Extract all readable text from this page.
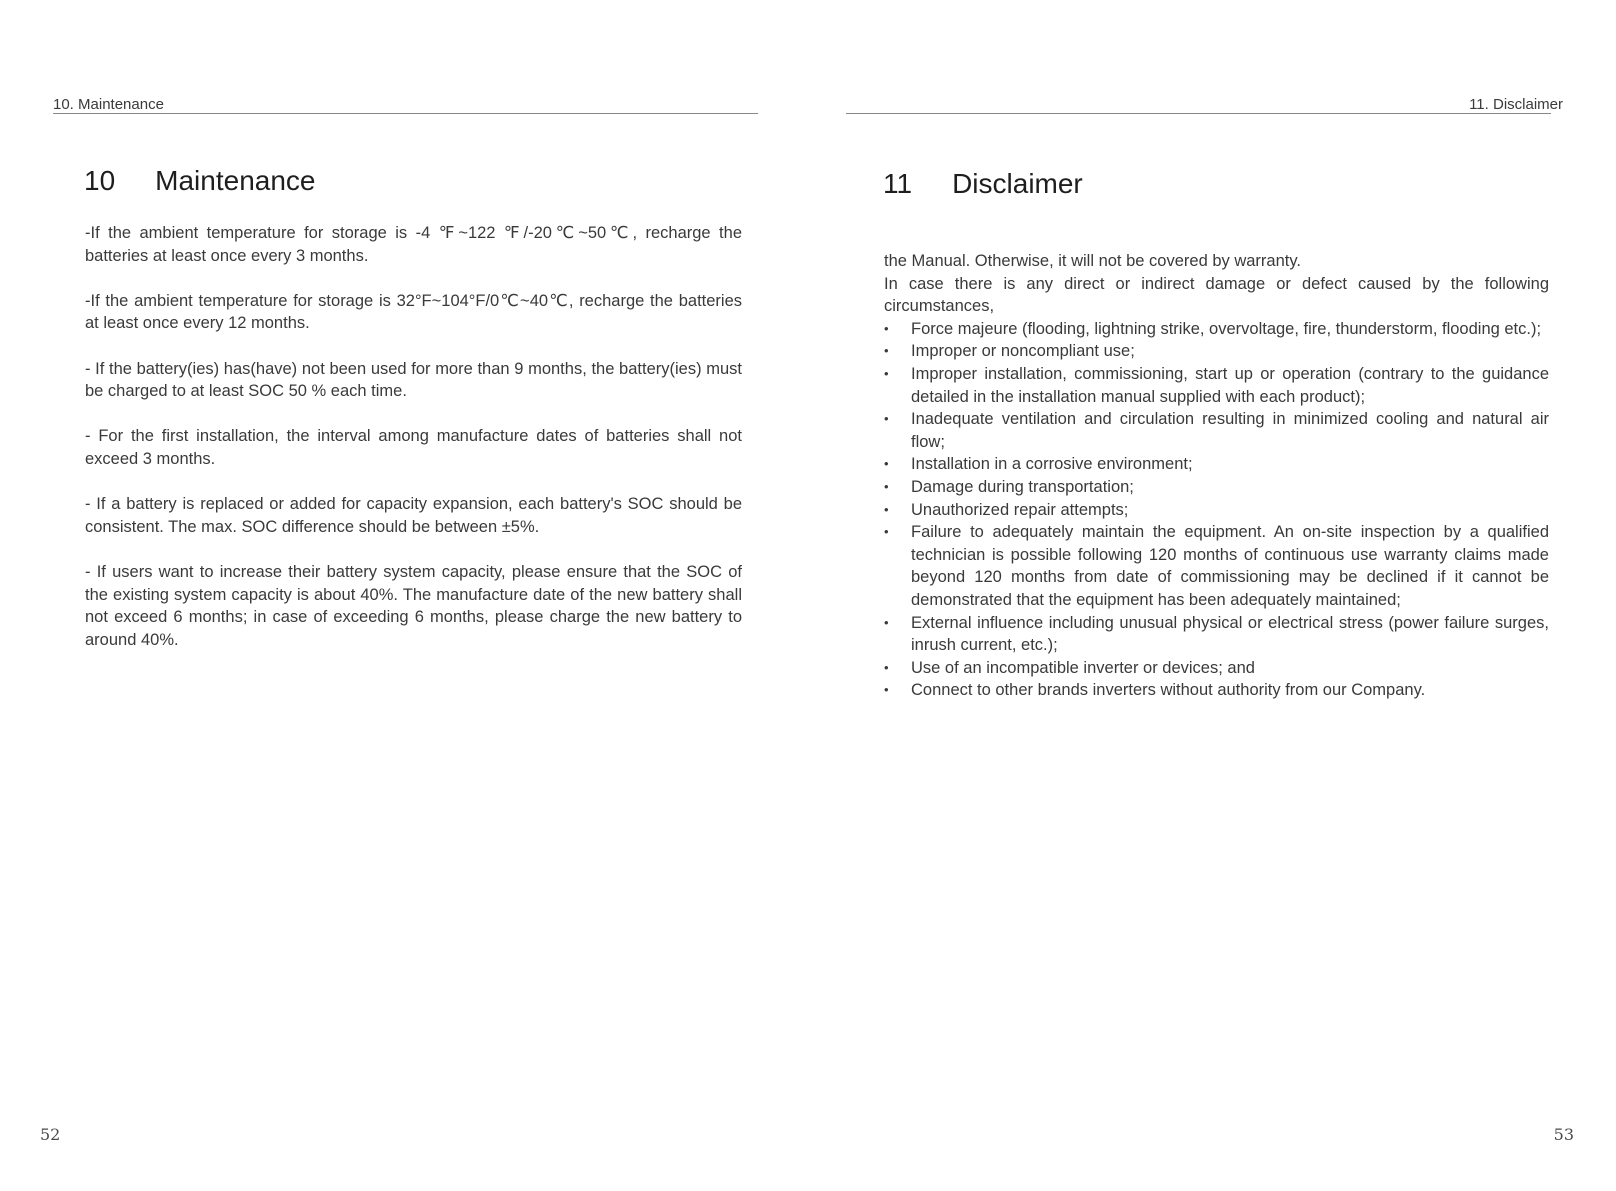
10. Maintenance
10 Maintenance

-If the ambient temperature for storage is -4 ℉~122 ℉/-20℃~50℃, recharge the batteries at least once every 3 months.

-If the ambient temperature for storage is 32°F~104°F/0℃~40℃, recharge the batteries at least once every 12 months.

- If the battery(ies) has(have) not been used for more than 9 months, the battery(ies) must be charged to at least SOC 50 % each time.

- For the first installation, the interval among manufacture dates of batteries shall not exceed 3 months.

- If a battery is replaced or added for capacity expansion, each battery's SOC should be consistent. The max. SOC difference should be between ±5%.

- If users want to increase their battery system capacity, please ensure that the SOC of the existing system capacity is about 40%. The manufacture date of the new battery shall not exceed 6 months; in case of exceeding 6 months, please charge the new battery to around 40%.

52
11. Disclaimer
11 Disclaimer

the Manual. Otherwise, it will not be covered by warranty.

In case there is any direct or indirect damage or defect caused by the following circumstances,

• Force majeure (flooding, lightning strike, overvoltage, fire, thunderstorm, flooding etc.);
• Improper or noncompliant use;
• Improper installation, commissioning, start up or operation (contrary to the guidance detailed in the installation manual supplied with each product);
• Inadequate ventilation and circulation resulting in minimized cooling and natural air flow;
• Installation in a corrosive environment;
• Damage during transportation;
• Unauthorized repair attempts;
• Failure to adequately maintain the equipment. An on-site inspection by a qualified technician is possible following 120 months of continuous use warranty claims made beyond 120 months from date of commissioning may be declined if it cannot be demonstrated that the equipment has been adequately maintained;
• External influence including unusual physical or electrical stress (power failure surges, inrush current, etc.);
• Use of an incompatible inverter or devices; and
• Connect to other brands inverters without authority from our Company.
53
